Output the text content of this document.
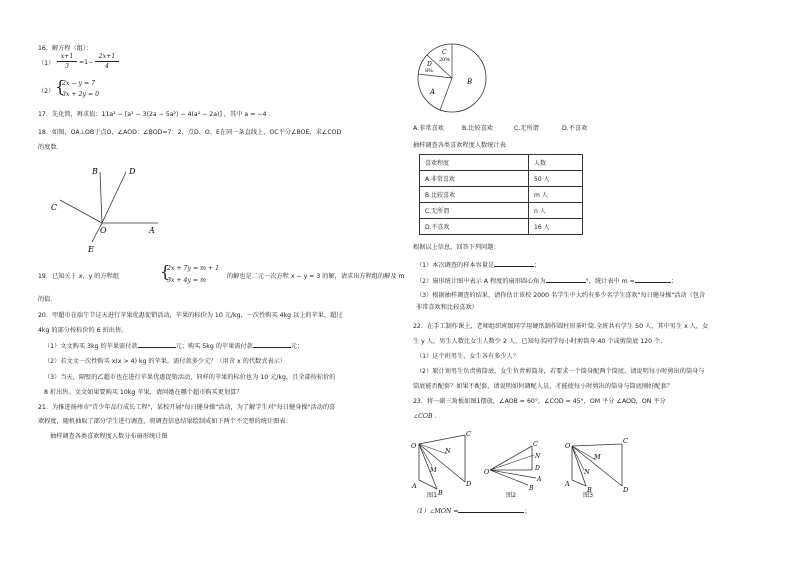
16．解方程（组）：
（1）
x+1
3
=1−
2x+1
4
（2） {
2x − y = 7
3x + 2y = 0
17．先化简，再求值：11a² − [a² − 3(2a − 5a²) − 4(a² − 2a)] ，其中 a = −4 ．
18．如图，OA⊥OB于点O，∠AOD：∠BOD=7：2，点D、O、E在同一条直线上，OC平分∠BOE，求∠COD
的度数.
B	D
C
O	A
E
19．已知关于 x，y 的方程组	{
2x + 7y = m + 1
3x + 4y = m
的解也是二元一次方程 x − y = 3 的解，请求出方程组的解及 m
的值.
20．甲超市在端午节这天进行苹果优惠促销活动，苹果的标价为 10 元/kg，一次性购买 4kg 以上的苹果，超过
4kg 的部分按标价的 6 折出售。
（1）文文购买 3kg 的苹果需付款	元；购买 5kg 的苹果需付款	元；
（2）若文文一次性购买 x(x > 4) kg 的苹果，需付款多少元？（用含 x 的代数式表示）
（3）当天，隔壁的乙超市也在进行苹果优惠促销活动，同样的苹果的标价也为 10 元/kg，且全部按标价的
8 折出售。文文如果要购买 10kg 苹果，请问她在哪个超市购买更划算？
21．为推进扬州市"青少年品行成长工程"，某校开展"每日健身操"活动，为了解学生对"每日健身操"活动的喜
欢程度，随机抽取了部分学生进行调查，将调查信息结果绘制成如下两个不完整的统计图表：
抽样调查各类喜欢程度人数分布扇形统计图
C
20%
D
8%
A
B
A.非常喜欢	B.比较喜欢	C.无所谓	D.不喜欢
抽样调查各类喜欢程度人数统计表
喜欢程度	人数
A.非常喜欢	50 人
B.比较喜欢	m 人
C.无所谓	n 人
D.不喜欢	16 人
根据以上信息，回答下列问题：
（1）本次调查的样本容量是	；
（2）扇形统计图中表示 A 程度的扇形圆心角为	°，统计表中 m =	；
（3）根据抽样调查的结果，请你估计该校 2000 名学生中大约有多少名学生喜欢"每日健身操"活动（包含
非常喜欢和比较喜欢）
22．在手工制作课上，老师组织班级同学用硬纸制作圆柱形茶叶筒.全班共有学生 50 人，其中男生 x 人，女
生 y 人，男生人数比女生人数少 2 人，已知每名同学每小时剪筒身 40 个或剪筒底 120 个.
（1）这个班男生、女生各有多少人？
（2）原计划男生负责剪筒底，女生负责剪筒身，若要求一个筒身配两个筒底，请说明每小时剪出的筒身与
筒底能否配套？如果不配套，请说明如何调配人员，才能使每小时剪出的筒身与筒底刚好配套？
23．将一副三角板如图1摆放，∠AOB = 60°，∠COD = 45°，OM 平分 ∠AOD，ON 平分
∠COB ．
O
C
N
M
A	D
B
图1
O
C
N
D
A
B
图2
O
C
M
N
A
B	D
图3
（1）∠MON =	；
